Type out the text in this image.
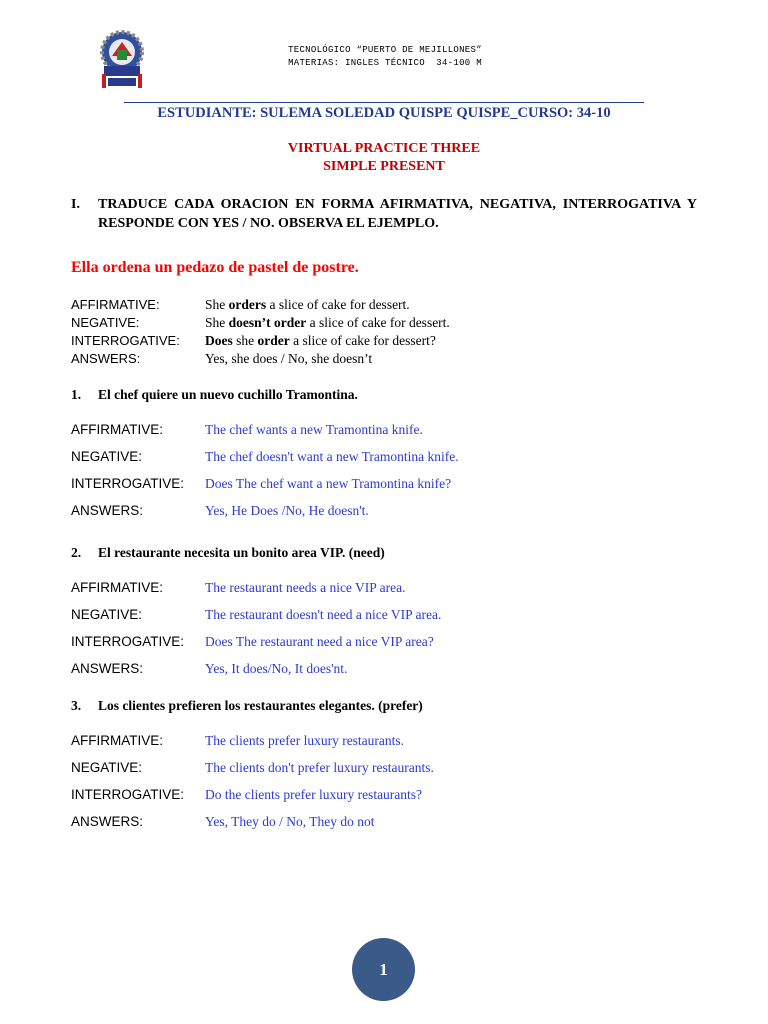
TECNOLÓGICO “PUERTO DE MEJILLONES”
MATERIAS: INGLES TÉCNICO  34-100 M
ESTUDIANTE: SULEMA SOLEDAD QUISPE QUISPE_CURSO: 34-10
VIRTUAL PRACTICE THREE
SIMPLE PRESENT
I. TRADUCE CADA ORACION EN FORMA AFIRMATIVA, NEGATIVA, INTERROGATIVA Y RESPONDE CON YES / NO. OBSERVA EL EJEMPLO.
Ella ordena un pedazo de pastel de postre.
AFFIRMATIVE:	She orders a slice of cake for dessert.
NEGATIVE:	She doesn’t order a slice of cake for dessert.
INTERROGATIVE: Does she order a slice of cake for dessert?
ANSWERS:	Yes, she does / No, she doesn’t
1. El chef quiere un nuevo cuchillo Tramontina.
AFFIRMATIVE:	The chef wants a new Tramontina knife.
NEGATIVE:	The chef doesn't want a new Tramontina knife.
INTERROGATIVE: Does The chef want a new Tramontina knife?
ANSWERS:	Yes, He Does /No, He doesn't.
2. El restaurante necesita un bonito area VIP. (need)
AFFIRMATIVE:	The restaurant needs a nice VIP area.
NEGATIVE:	The restaurant doesn't need a nice VIP area.
INTERROGATIVE: Does The restaurant need a nice VIP area?
ANSWERS:	Yes, It does/No, It does'nt.
3. Los clientes prefieren los restaurantes elegantes. (prefer)
AFFIRMATIVE:	The clients prefer luxury restaurants.
NEGATIVE:	The clients don't prefer luxury restaurants.
INTERROGATIVE: Do the clients prefer luxury restaurants?
ANSWERS:	Yes, They do / No, They do not
1
